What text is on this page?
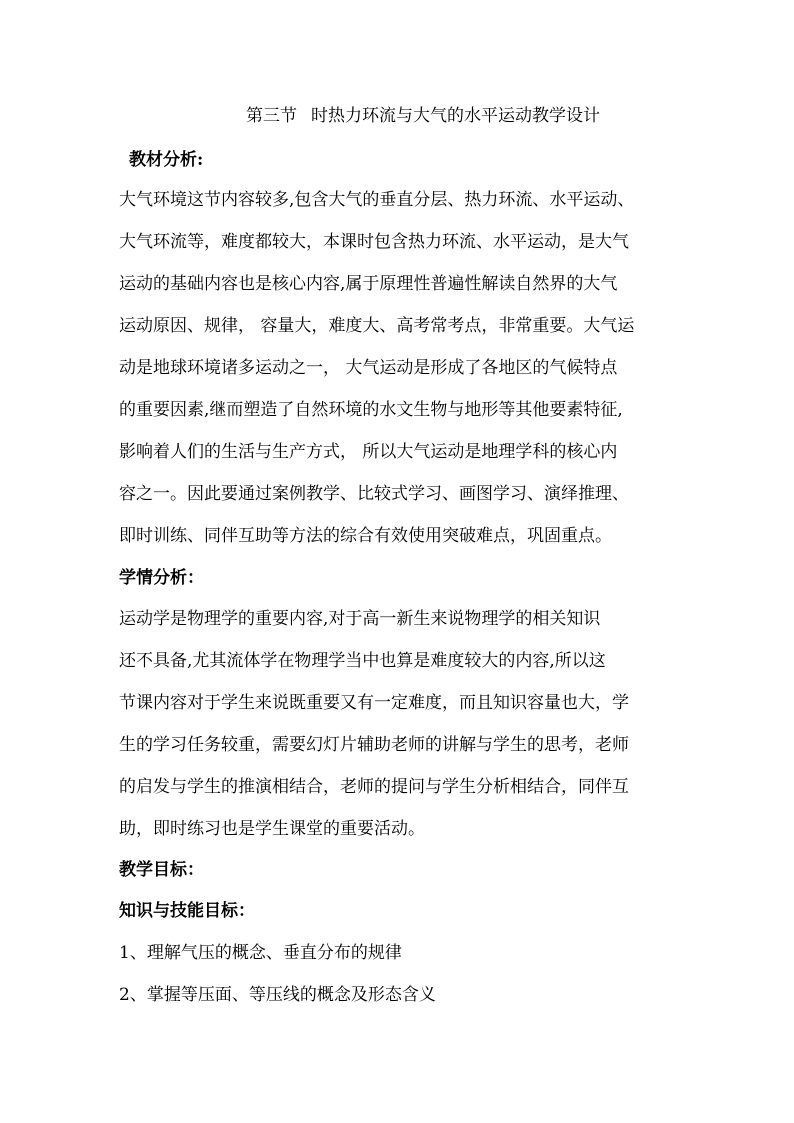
第三节 时热力环流与大气的水平运动教学设计
教材分析:
大气环境这节内容较多,包含大气的垂直分层、热力环流、水平运动、
大气环流等，难度都较大，本课时包含热力环流、水平运动，是大气
运动的基础内容也是核心内容,属于原理性普遍性解读自然界的大气
运动原因、规律， 容量大，难度大、高考常考点，非常重要。大气运
动是地球环境诸多运动之一， 大气运动是形成了各地区的气候特点
的重要因素,继而塑造了自然环境的水文生物与地形等其他要素特征,
影响着人们的生活与生产方式， 所以大气运动是地理学科的核心内
容之一。因此要通过案例教学、比较式学习、画图学习、演绎推理、
即时训练、同伴互助等方法的综合有效使用突破难点，巩固重点。
学情分析：
运动学是物理学的重要内容,对于高一新生来说物理学的相关知识
还不具备,尤其流体学在物理学当中也算是难度较大的内容,所以这
节课内容对于学生来说既重要又有一定难度，而且知识容量也大，学
生的学习任务较重，需要幻灯片辅助老师的讲解与学生的思考，老师
的启发与学生的推演相结合，老师的提问与学生分析相结合，同伴互
助，即时练习也是学生课堂的重要活动。
教学目标：
知识与技能目标：
1、理解气压的概念、垂直分布的规律
2、掌握等压面、等压线的概念及形态含义
